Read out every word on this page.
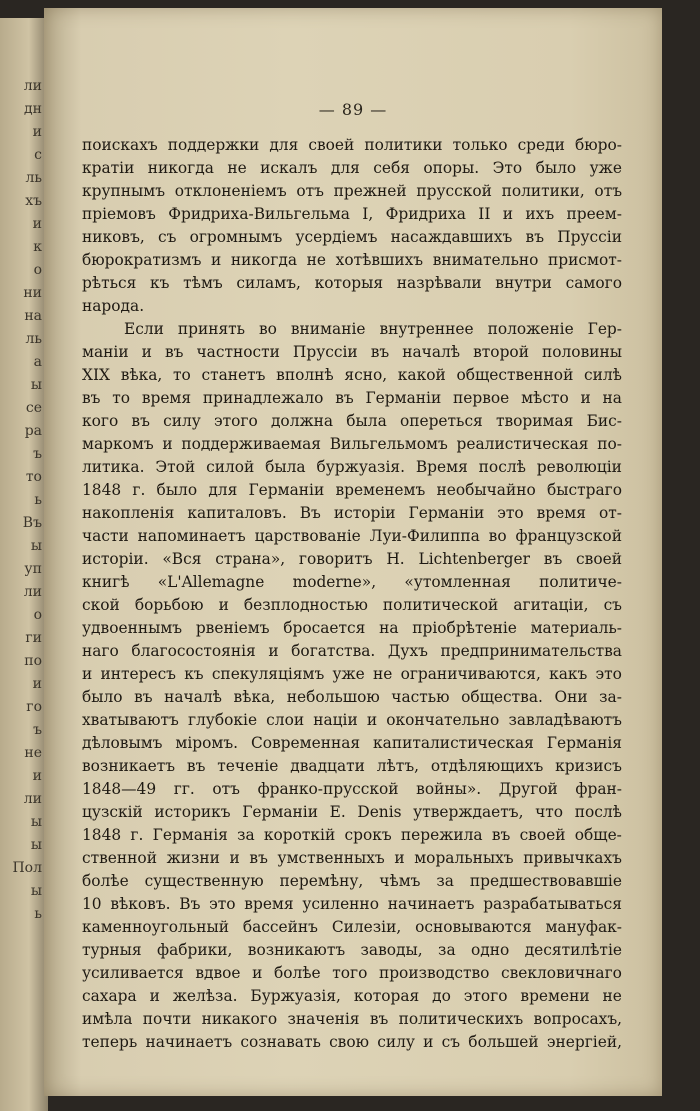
ли
дн
и
с
ль
хъ
и
к
о
ни
на
ль
а
ы
се
ра
ъ
то
ь
Въ
ы
уп
ли
о
ги
по
и
го
ъ
не
и
ли
ы
ы
Пол
ы
ь
— 89 —
поискахъ поддержки для своей политики только среди бюро-
кратiи никогда не искалъ для себя опоры. Это было уже
крупнымъ отклоненiемъ отъ прежней прусской политики, отъ
прiемовъ Фридриха-Вильгельма I, Фридриха II и ихъ преем-
никовъ, съ огромнымъ усердiемъ насаждавшихъ въ Пруссiи
бюрократизмъ и никогда не хотѣвшихъ внимательно присмот-
рѣться къ тѣмъ силамъ, которыя назрѣвали внутри самого
народа.
Если принять во вниманiе внутреннее положенiе Гер-
манiи и въ частности Пруссiи въ началѣ второй половины
XIX вѣка, то станетъ вполнѣ ясно, какой общественной силѣ
въ то время принадлежало въ Германiи первое мѣсто и на
кого въ силу этого должна была опереться творимая Бис-
маркомъ и поддерживаемая Вильгельмомъ реалистическая по-
литика. Этой силой была буржуазiя. Время послѣ революцiи
1848 г. было для Германiи временемъ необычайно быстраго
накопленiя капиталовъ. Въ исторiи Германiи это время от-
части напоминаетъ царствованiе Луи-Филиппа во французской
исторiи. «Вся страна», говоритъ H. Lichtenberger въ своей
книгѣ «L'Allemagne moderne», «утомленная политиче-
ской борьбою и безплодностью политической агитацiи, съ
удвоеннымъ рвенiемъ бросается на прiобрѣтенiе материаль-
наго благосостоянiя и богатства. Духъ предпринимательства
и интересъ къ спекуляцiямъ уже не ограничиваются, какъ это
было въ началѣ вѣка, небольшою частью общества. Они за-
хватываютъ глубокiе слои нацiи и окончательно завладѣваютъ
дѣловымъ мiромъ. Современная капиталистическая Германiя
возникаетъ въ теченiе двадцати лѣтъ, отдѣляющихъ кризисъ
1848—49 гг. отъ франко-прусской войны». Другой фран-
цузскiй историкъ Германiи E. Denis утверждаетъ, что послѣ
1848 г. Германiя за короткiй срокъ пережила въ своей обще-
ственной жизни и въ умственныхъ и моральныхъ привычкахъ
болѣе существенную перемѣну, чѣмъ за предшествовавшiе
10 вѣковъ. Въ это время усиленно начинаетъ разрабатываться
каменноугольный бассейнъ Силезiи, основываются мануфак-
турныя фабрики, возникаютъ заводы, за одно десятилѣтiе
усиливается вдвое и болѣе того производство свекловичнаго
сахара и желѣза. Буржуазiя, которая до этого времени не
имѣла почти никакого значенiя въ политическихъ вопросахъ,
теперь начинаетъ сознавать свою силу и съ большей энергiей,
